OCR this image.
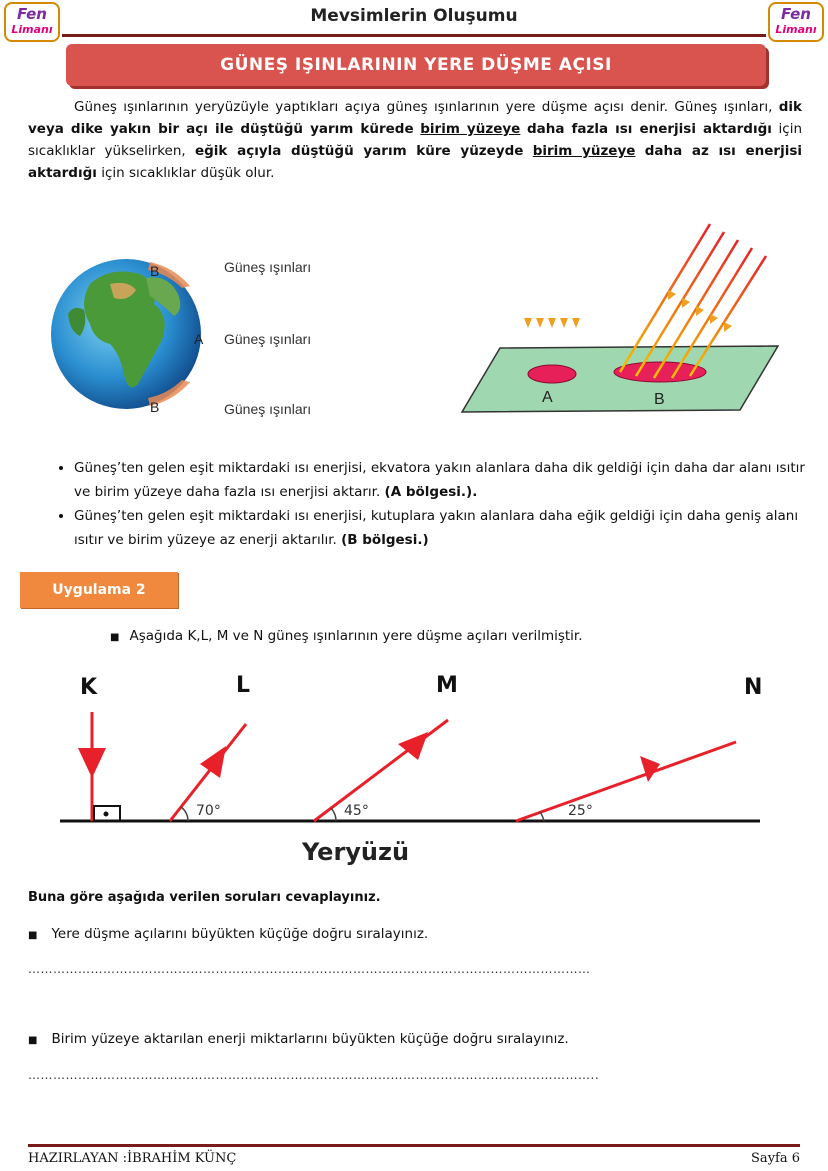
Fen
Limanı
Fen
Limanı
Mevsimlerin Oluşumu
GÜNEŞ IŞINLARININ YERE DÜŞME AÇISI
Güneş ışınlarının yeryüzüyle yaptıkları açıya güneş ışınlarının yere düşme açısı denir. Güneş ışınları, dik veya dike yakın bir açı ile düştüğü yarım kürede birim yüzeye daha fazla ısı enerjisi aktardığı için sıcaklıklar yükselirken, eğik açıyla düştüğü yarım küre yüzeyde birim yüzeye daha az ısı enerjisi aktardığı için sıcaklıklar düşük olur.
Güneş ışınları
Güneş ışınları
Güneş ışınları
B
A
B
A	B
• Güneş’ten gelen eşit miktardaki ısı enerjisi, ekvatora yakın alanlara daha dik geldiği için daha dar alanı ısıtır ve birim yüzeye daha fazla ısı enerjisi aktarır. (A bölgesi.).
• Güneş’ten gelen eşit miktardaki ısı enerjisi, kutuplara yakın alanlara daha eğik geldiği için daha geniş alanı ısıtır ve birim yüzeye az enerji aktarılır. (B bölgesi.)
Uygulama 2
■ Aşağıda K,L, M ve N güneş ışınlarının yere düşme açıları verilmiştir.
K	L	M	N
70°	45°	25°
Yeryüzü
Buna göre aşağıda verilen soruları cevaplayınız.
■ Yere düşme açılarını büyükten küçüğe doğru sıralayınız.
………………………………………………………………………………………………………………………
■ Birim yüzeye aktarılan enerji miktarlarını büyükten küçüğe doğru sıralayınız.
………………………………………………………………………………………………………………………..
HAZIRLAYAN :İBRAHİM KÜNÇ	Sayfa 6
